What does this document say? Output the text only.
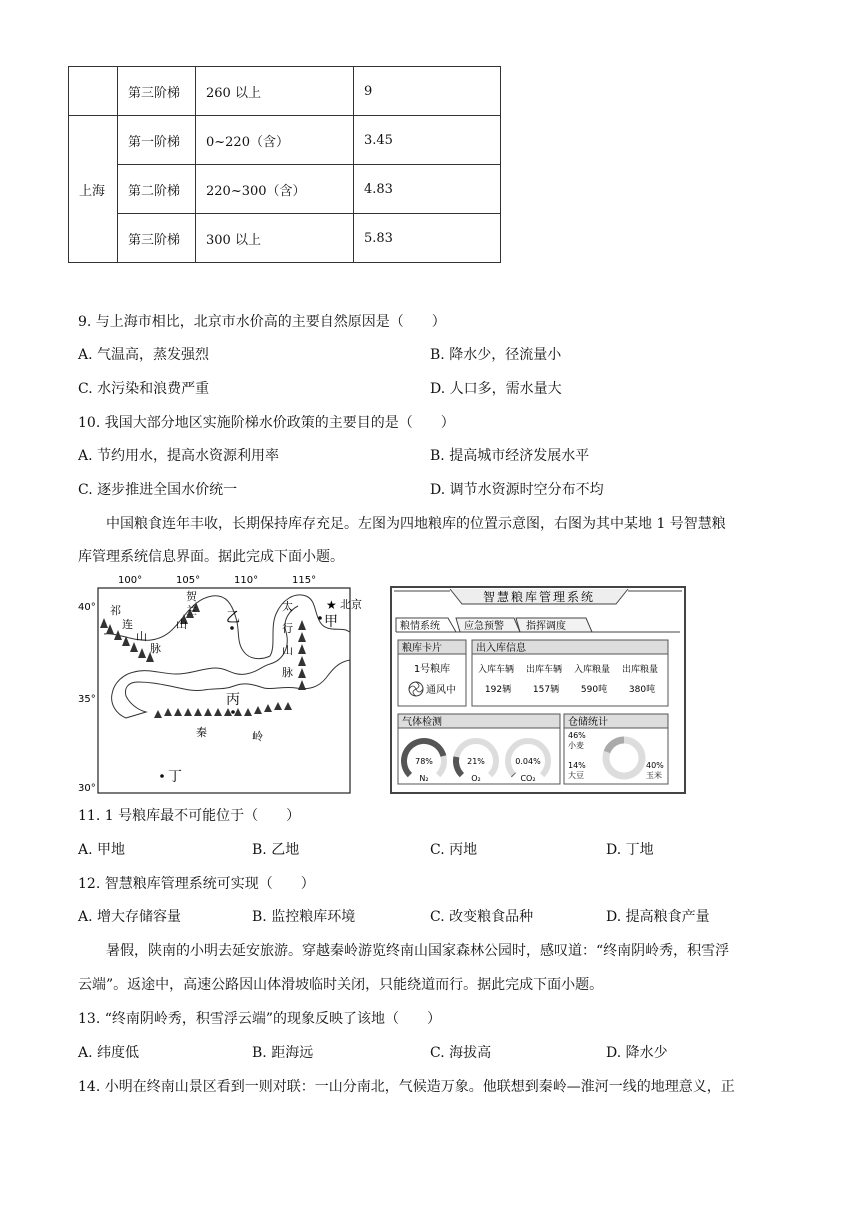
	第三阶梯	260 以上	9
上海	第一阶梯	0~220（含）	3.45
	第二阶梯	220~300（含）	4.83
	第三阶梯	300 以上	5.83
9. 与上海市相比，北京市水价高的主要自然原因是（　　）
A. 气温高，蒸发强烈	B. 降水少，径流量小
C. 水污染和浪费严重	D. 人口多，需水量大
10. 我国大部分地区实施阶梯水价政策的主要目的是（　　）
A. 节约用水，提高水资源利用率	B. 提高城市经济发展水平
C. 逐步推进全国水价统一	D. 调节水资源时空分布不均
中国粮食连年丰收，长期保持库存充足。左图为四地粮库的位置示意图，右图为其中某地 1 号智慧粮
库管理系统信息界面。据此完成下面小题。
100°	105°	110°	115°
40°
35°
30°
祁
连
山
脉
贺
兰
山
太
行
山
脉
秦	岭
★ 北京
甲
乙
丙
丁
智慧粮库管理系统
粮情系统 应急预警 指挥调度
粮库卡片
1号粮库
通风中
出入库信息
入库车辆 出库车辆 入库粮量 出库粮量
192辆 157辆 590吨 380吨
气体检测
78%
N₂
21%
O₂
0.04%
CO₂
仓储统计
46%
小麦
14%
大豆
40%
玉米
11. 1 号粮库最不可能位于（　　）
A. 甲地	B. 乙地	C. 丙地	D. 丁地
12. 智慧粮库管理系统可实现（　　）
A. 增大存储容量	B. 监控粮库环境	C. 改变粮食品种	D. 提高粮食产量
暑假，陕南的小明去延安旅游。穿越秦岭游览终南山国家森林公园时，感叹道：“终南阴岭秀，积雪浮
云端”。返途中，高速公路因山体滑坡临时关闭，只能绕道而行。据此完成下面小题。
13. “终南阴岭秀，积雪浮云端”的现象反映了该地（　　）
A. 纬度低	B. 距海远	C. 海拔高	D. 降水少
14. 小明在终南山景区看到一则对联：一山分南北，气候造万象。他联想到秦岭—淮河一线的地理意义，正
